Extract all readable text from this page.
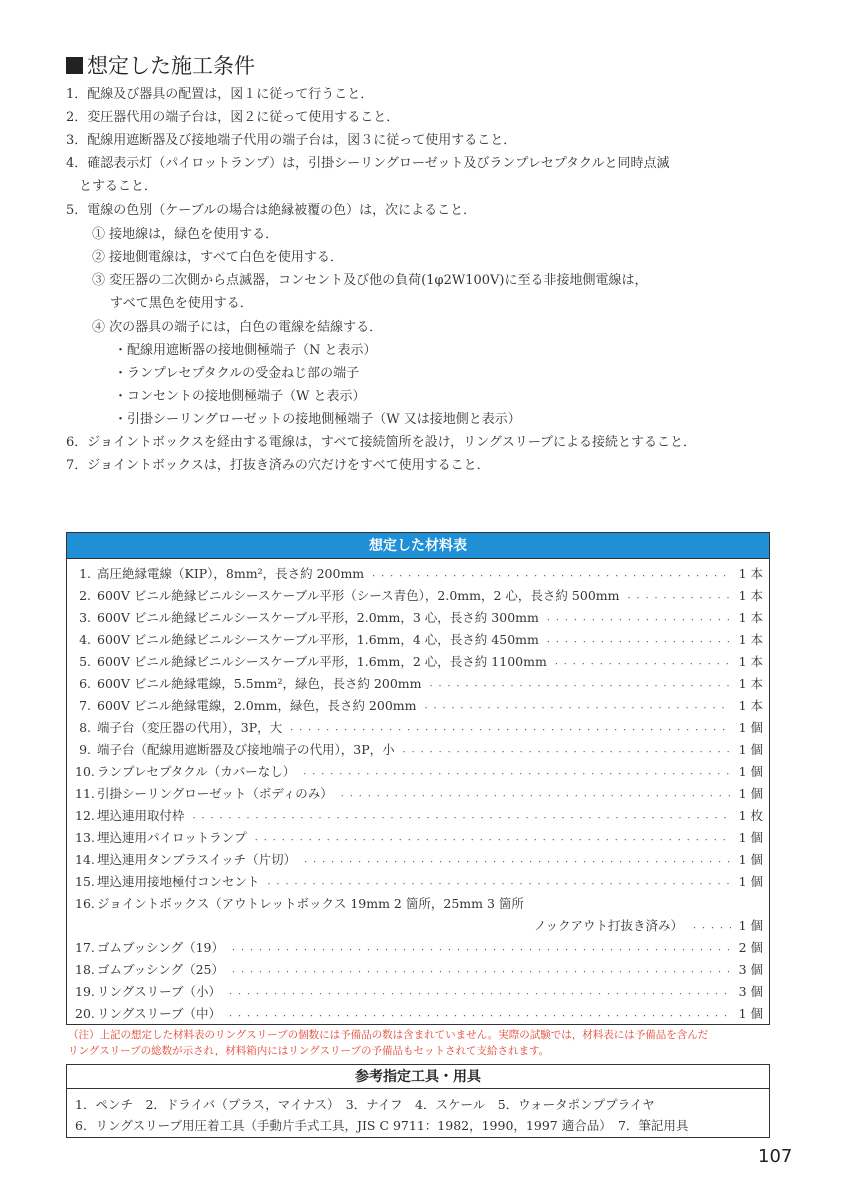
想定した施工条件
1．配線及び器具の配置は，図１に従って行うこと．
2．変圧器代用の端子台は，図２に従って使用すること．
3．配線用遮断器及び接地端子代用の端子台は，図３に従って使用すること．
4．確認表示灯（パイロットランプ）は，引掛シーリングローゼット及びランプレセプタクルと同時点滅
　とすること．
5．電線の色別（ケーブルの場合は絶縁被覆の色）は，次によること．
① 接地線は，緑色を使用する．
② 接地側電線は，すべて白色を使用する．
③ 変圧器の二次側から点滅器，コンセント及び他の負荷(1φ2W100V)に至る非接地側電線は，
すべて黒色を使用する．
④ 次の器具の端子には，白色の電線を結線する．
・配線用遮断器の接地側極端子（N と表示）
・ランプレセプタクルの受金ねじ部の端子
・コンセントの接地側極端子（W と表示）
・引掛シーリングローゼットの接地側極端子（W 又は接地側と表示）
6．ジョイントボックスを経由する電線は，すべて接続箇所を設け，リングスリーブによる接続とすること．
7．ジョイントボックスは，打抜き済みの穴だけをすべて使用すること．
想定した材料表
1. 高圧絶縁電線（KIP），8mm²，長さ約 200mm ・・・・・・・・・・・・・・・・・・・・・・・・・・・・・・・・・・・・・・・・・・・・・・・・・・・・・・・・・・・・・・・・・・・・・・・・・・・・・・	1 本
2. 600V ビニル絶縁ビニルシースケーブル平形（シース青色），2.0mm，2 心，長さ約 500mm ・・・・・・・・・・・・・・・・・・・・・・・・・・・・・・・・・・・・・・・・・・・・・・・・・・・・・・・・・・・・・・・・・・・・・・・・・・・・・・	1 本
3. 600V ビニル絶縁ビニルシースケーブル平形，2.0mm，3 心，長さ約 300mm ・・・・・・・・・・・・・・・・・・・・・・・・・・・・・・・・・・・・・・・・・・・・・・・・・・・・・・・・・・・・・・・・・・・・・・・・・・・・・・	1 本
4. 600V ビニル絶縁ビニルシースケーブル平形，1.6mm，4 心，長さ約 450mm ・・・・・・・・・・・・・・・・・・・・・・・・・・・・・・・・・・・・・・・・・・・・・・・・・・・・・・・・・・・・・・・・・・・・・・・・・・・・・・	1 本
5. 600V ビニル絶縁ビニルシースケーブル平形，1.6mm，2 心，長さ約 1100mm ・・・・・・・・・・・・・・・・・・・・・・・・・・・・・・・・・・・・・・・・・・・・・・・・・・・・・・・・・・・・・・・・・・・・・・・・・・・・・・	1 本
6. 600V ビニル絶縁電線，5.5mm²，緑色，長さ約 200mm ・・・・・・・・・・・・・・・・・・・・・・・・・・・・・・・・・・・・・・・・・・・・・・・・・・・・・・・・・・・・・・・・・・・・・・・・・・・・・・	1 本
7. 600V ビニル絶縁電線，2.0mm，緑色，長さ約 200mm ・・・・・・・・・・・・・・・・・・・・・・・・・・・・・・・・・・・・・・・・・・・・・・・・・・・・・・・・・・・・・・・・・・・・・・・・・・・・・・	1 本
8. 端子台（変圧器の代用），3P，大 ・・・・・・・・・・・・・・・・・・・・・・・・・・・・・・・・・・・・・・・・・・・・・・・・・・・・・・・・・・・・・・・・・・・・・・・・・・・・・・	1 個
9. 端子台（配線用遮断器及び接地端子の代用），3P，小 ・・・・・・・・・・・・・・・・・・・・・・・・・・・・・・・・・・・・・・・・・・・・・・・・・・・・・・・・・・・・・・・・・・・・・・・・・・・・・・	1 個
10. ランプレセプタクル（カバーなし） ・・・・・・・・・・・・・・・・・・・・・・・・・・・・・・・・・・・・・・・・・・・・・・・・・・・・・・・・・・・・・・・・・・・・・・・・・・・・・・	1 個
11. 引掛シーリングローゼット（ボディのみ） ・・・・・・・・・・・・・・・・・・・・・・・・・・・・・・・・・・・・・・・・・・・・・・・・・・・・・・・・・・・・・・・・・・・・・・・・・・・・・・	1 個
12. 埋込連用取付枠 ・・・・・・・・・・・・・・・・・・・・・・・・・・・・・・・・・・・・・・・・・・・・・・・・・・・・・・・・・・・・・・・・・・・・・・・・・・・・・・	1 枚
13. 埋込連用パイロットランプ ・・・・・・・・・・・・・・・・・・・・・・・・・・・・・・・・・・・・・・・・・・・・・・・・・・・・・・・・・・・・・・・・・・・・・・・・・・・・・・	1 個
14. 埋込連用タンブラスイッチ（片切） ・・・・・・・・・・・・・・・・・・・・・・・・・・・・・・・・・・・・・・・・・・・・・・・・・・・・・・・・・・・・・・・・・・・・・・・・・・・・・・	1 個
15. 埋込連用接地極付コンセント ・・・・・・・・・・・・・・・・・・・・・・・・・・・・・・・・・・・・・・・・・・・・・・・・・・・・・・・・・・・・・・・・・・・・・・・・・・・・・・	1 個
16. ジョイントボックス（アウトレットボックス 19mm 2 箇所，25mm 3 箇所
ノックアウト打抜き済み） ・・・・・・・・・・・・・・・・・・・・・・・・・・・・・・・・・・・・・・・・・・・・・・・・・・・・・・・・・・・・・・・・・・・・・・・・・・・・・・	1 個
17. ゴムブッシング（19） ・・・・・・・・・・・・・・・・・・・・・・・・・・・・・・・・・・・・・・・・・・・・・・・・・・・・・・・・・・・・・・・・・・・・・・・・・・・・・・	2 個
18. ゴムブッシング（25） ・・・・・・・・・・・・・・・・・・・・・・・・・・・・・・・・・・・・・・・・・・・・・・・・・・・・・・・・・・・・・・・・・・・・・・・・・・・・・・	3 個
19. リングスリーブ（小） ・・・・・・・・・・・・・・・・・・・・・・・・・・・・・・・・・・・・・・・・・・・・・・・・・・・・・・・・・・・・・・・・・・・・・・・・・・・・・・	3 個
20. リングスリーブ（中） ・・・・・・・・・・・・・・・・・・・・・・・・・・・・・・・・・・・・・・・・・・・・・・・・・・・・・・・・・・・・・・・・・・・・・・・・・・・・・・	1 個
（注）上記の想定した材料表のリングスリーブの個数には予備品の数は含まれていません。実際の試験では，材料表には予備品を含んだ
リングスリーブの総数が示され，材料箱内にはリングスリーブの予備品もセットされて支給されます。
参考指定工具・用具
1．ペンチ　2．ドライバ（プラス，マイナス）　3．ナイフ　4．スケール　5．ウォータポンププライヤ
6．リングスリーブ用圧着工具（手動片手式工具，JIS C 9711：1982，1990，1997 適合品）　7．筆記用具
107
